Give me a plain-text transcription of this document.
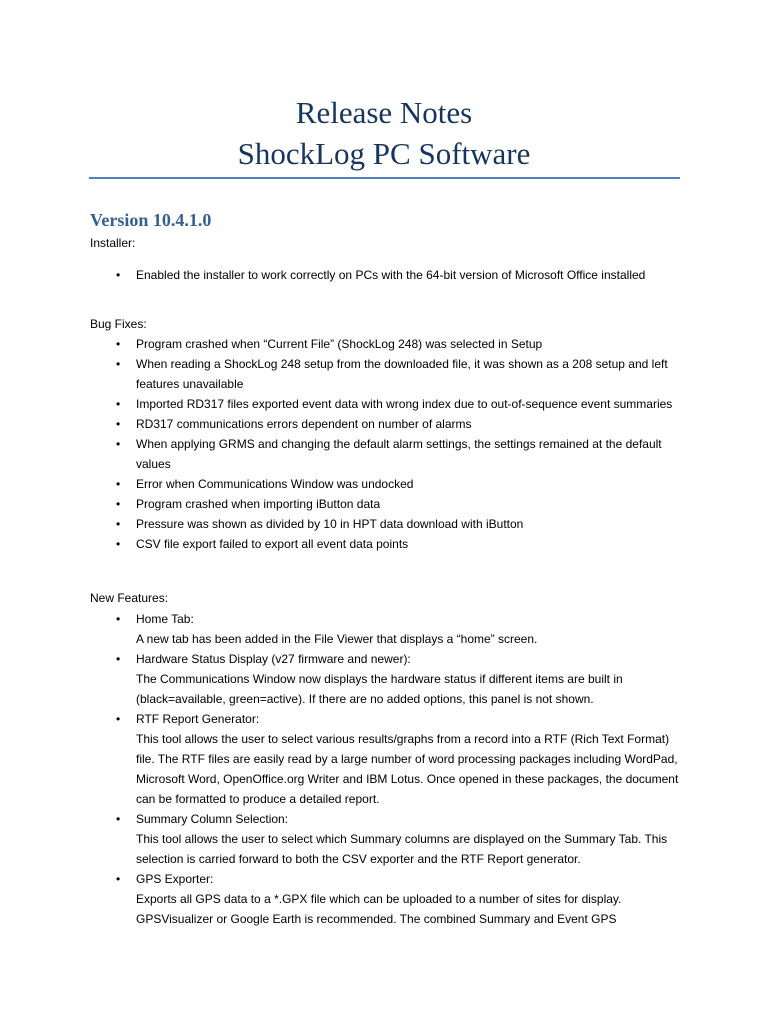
Release Notes
ShockLog PC Software
Version 10.4.1.0
Installer:
• Enabled the installer to work correctly on PCs with the 64-bit version of Microsoft Office installed
Bug Fixes:
• Program crashed when “Current File” (ShockLog 248) was selected in Setup
• When reading a ShockLog 248 setup from the downloaded file, it was shown as a 208 setup and left features unavailable
• Imported RD317 files exported event data with wrong index due to out-of-sequence event summaries
• RD317 communications errors dependent on number of alarms
• When applying GRMS and changing the default alarm settings, the settings remained at the default values
• Error when Communications Window was undocked
• Program crashed when importing iButton data
• Pressure was shown as divided by 10 in HPT data download with iButton
• CSV file export failed to export all event data points
New Features:
• Home Tab:
A new tab has been added in the File Viewer that displays a “home” screen.
• Hardware Status Display (v27 firmware and newer):
The Communications Window now displays the hardware status if different items are built in (black=available, green=active). If there are no added options, this panel is not shown.
• RTF Report Generator:
This tool allows the user to select various results/graphs from a record into a RTF (Rich Text Format) file. The RTF files are easily read by a large number of word processing packages including WordPad, Microsoft Word, OpenOffice.org Writer and IBM Lotus. Once opened in these packages, the document can be formatted to produce a detailed report.
• Summary Column Selection:
This tool allows the user to select which Summary columns are displayed on the Summary Tab. This selection is carried forward to both the CSV exporter and the RTF Report generator.
• GPS Exporter:
Exports all GPS data to a *.GPX file which can be uploaded to a number of sites for display. GPSVisualizer or Google Earth is recommended. The combined Summary and Event GPS
